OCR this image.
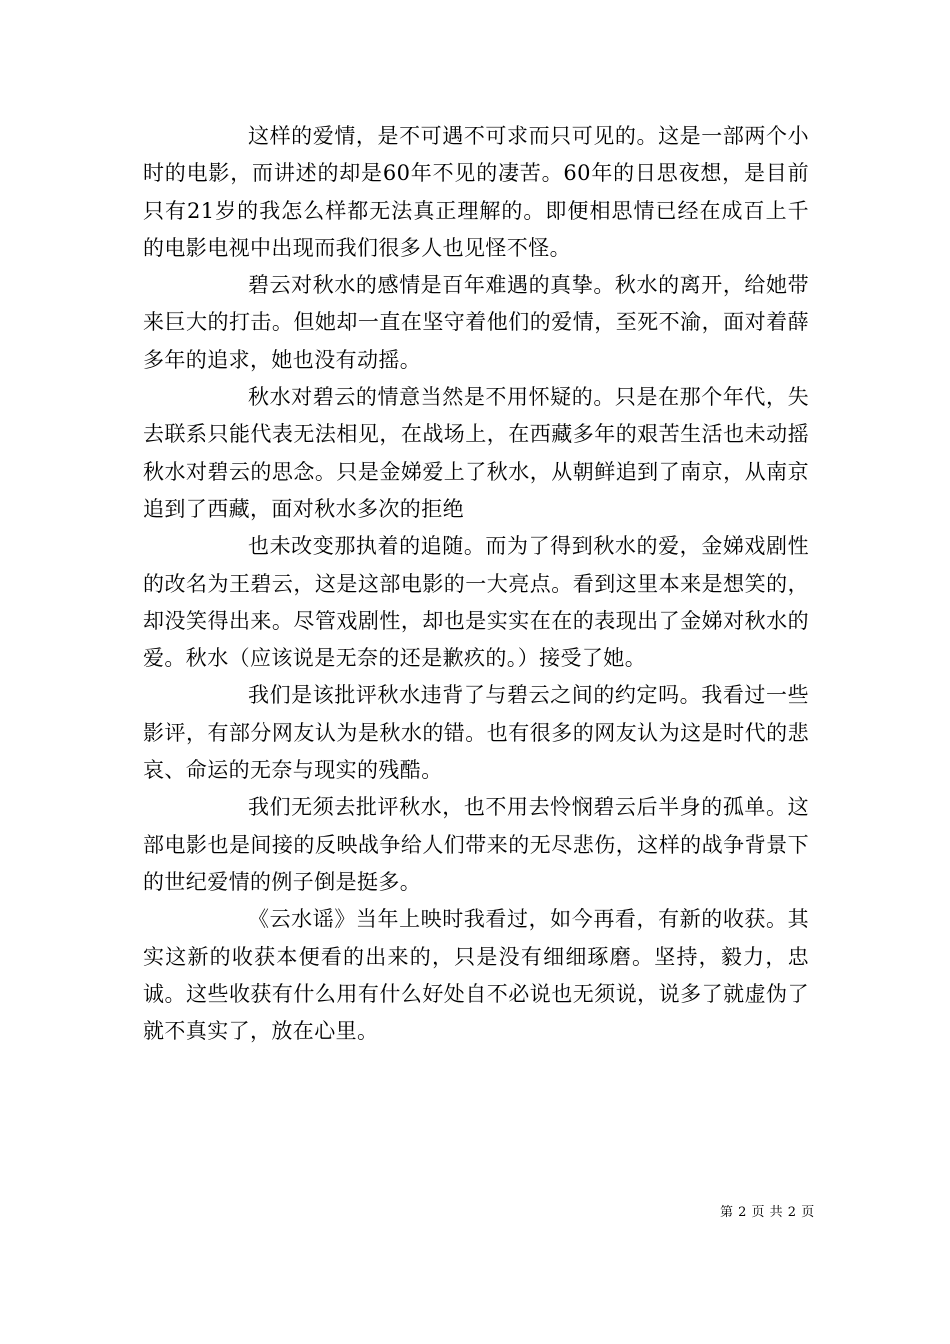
这样的爱情，是不可遇不可求而只可见的。这是一部两个小时的电影，而讲述的却是60年不见的凄苦。60年的日思夜想，是目前只有21岁的我怎么样都无法真正理解的。即便相思情已经在成百上千的电影电视中出现而我们很多人也见怪不怪。

碧云对秋水的感情是百年难遇的真挚。秋水的离开，给她带来巨大的打击。但她却一直在坚守着他们的爱情，至死不渝，面对着薛多年的追求，她也没有动摇。

秋水对碧云的情意当然是不用怀疑的。只是在那个年代，失去联系只能代表无法相见，在战场上，在西藏多年的艰苦生活也未动摇秋水对碧云的思念。只是金娣爱上了秋水，从朝鲜追到了南京，从南京追到了西藏，面对秋水多次的拒绝

也未改变那执着的追随。而为了得到秋水的爱，金娣戏剧性的改名为王碧云，这是这部电影的一大亮点。看到这里本来是想笑的，却没笑得出来。尽管戏剧性，却也是实实在在的表现出了金娣对秋水的爱。秋水（应该说是无奈的还是歉疚的。）接受了她。

我们是该批评秋水违背了与碧云之间的约定吗。我看过一些影评，有部分网友认为是秋水的错。也有很多的网友认为这是时代的悲哀、命运的无奈与现实的残酷。

我们无须去批评秋水，也不用去怜悯碧云后半身的孤单。这部电影也是间接的反映战争给人们带来的无尽悲伤，这样的战争背景下的世纪爱情的例子倒是挺多。

《云水谣》当年上映时我看过，如今再看，有新的收获。其实这新的收获本便看的出来的，只是没有细细琢磨。坚持，毅力，忠诚。这些收获有什么用有什么好处自不必说也无须说，说多了就虚伪了就不真实了，放在心里。

第 2 页 共 2 页
